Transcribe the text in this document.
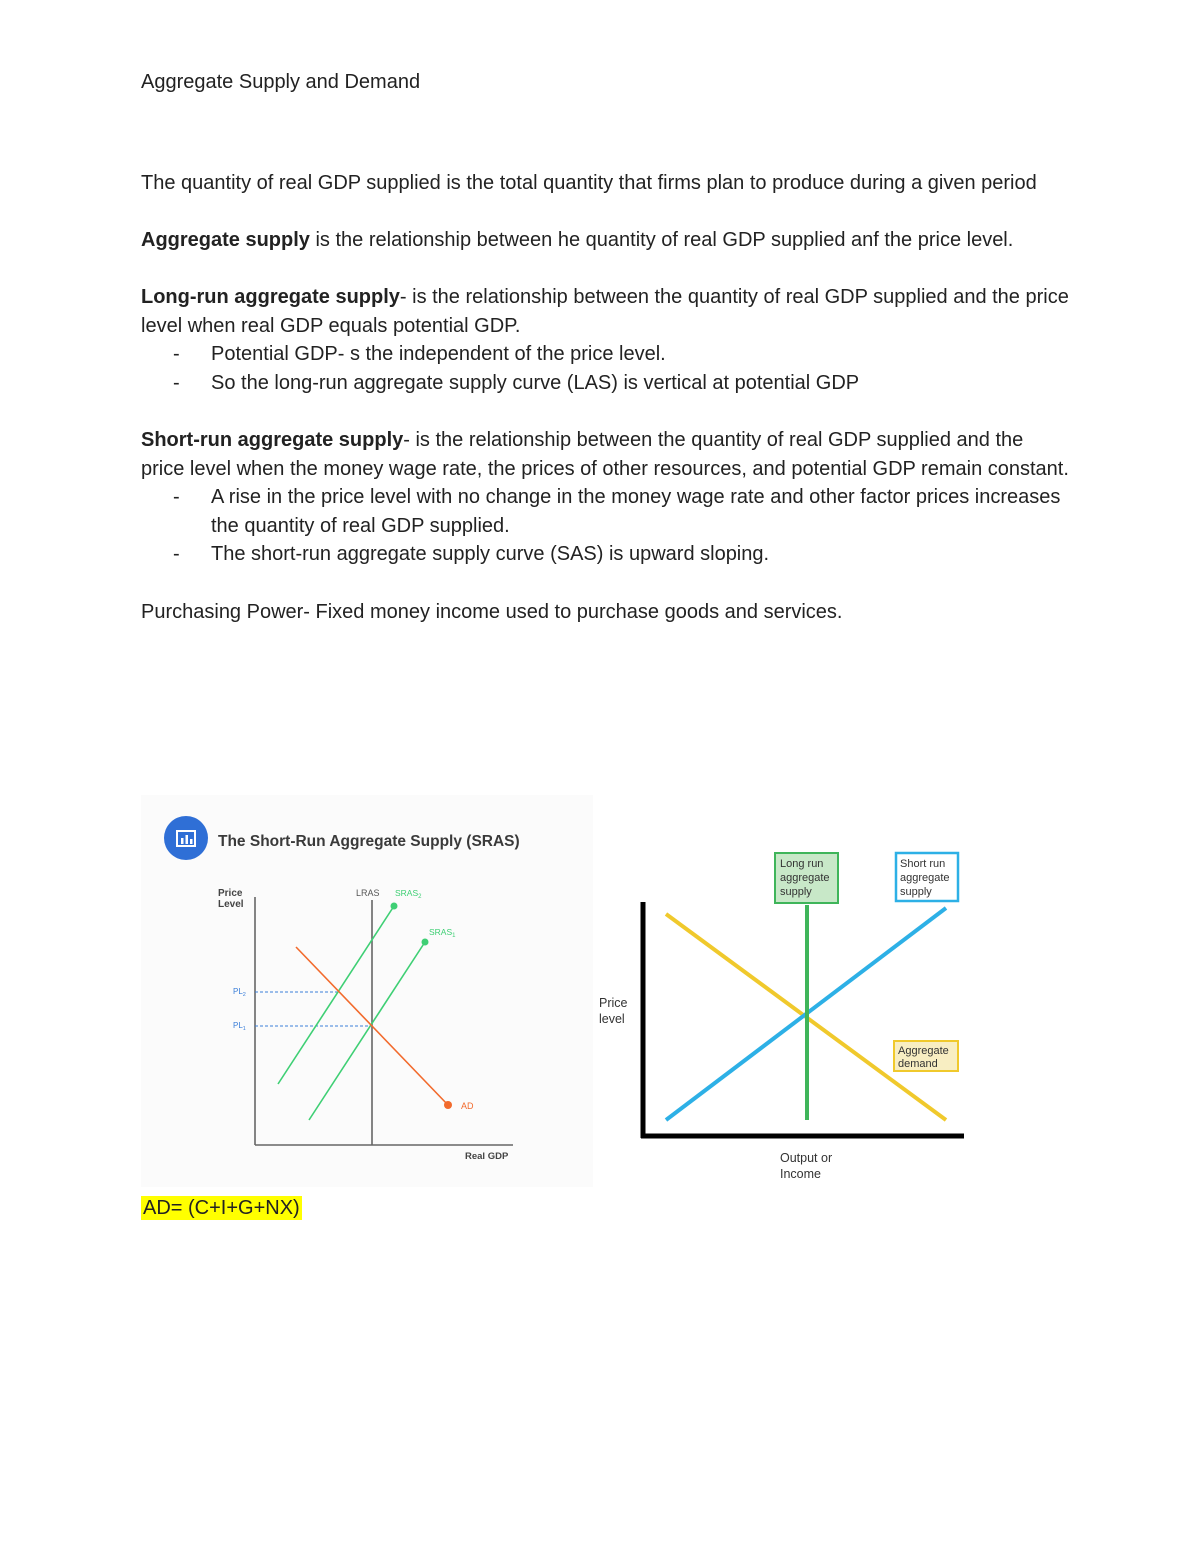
Aggregate Supply and Demand

The quantity of real GDP supplied is the total quantity that firms plan to produce during a given period

Aggregate supply is the relationship between he quantity of real GDP supplied anf the price level.

Long-run aggregate supply- is the relationship between the quantity of real GDP supplied and the price level when real GDP equals potential GDP.

- Potential GDP- s the independent of the price level.
- So the long-run aggregate supply curve (LAS) is vertical at potential GDP

Short-run aggregate supply- is the relationship between the quantity of real GDP supplied and the price level when the money wage rate, the prices of other resources, and potential GDP remain constant.

- A rise in the price level with no change in the money wage rate and other factor prices increases the quantity of real GDP supplied.
- The short-run aggregate supply curve (SAS) is upward sloping.

Purchasing Power- Fixed money income used to purchase goods and services.

The Short-Run Aggregate Supply (SRAS)
Price
Level
Real GDP
LRAS $SRAS_2$
$SRAS_1$
$PL_2$
$PL_1$
AD
Long run
aggregate
supply
Short run
aggregate
supply
Aggregate
demand
Price
level
Output or
Income
AD= (C+I+G+NX)
